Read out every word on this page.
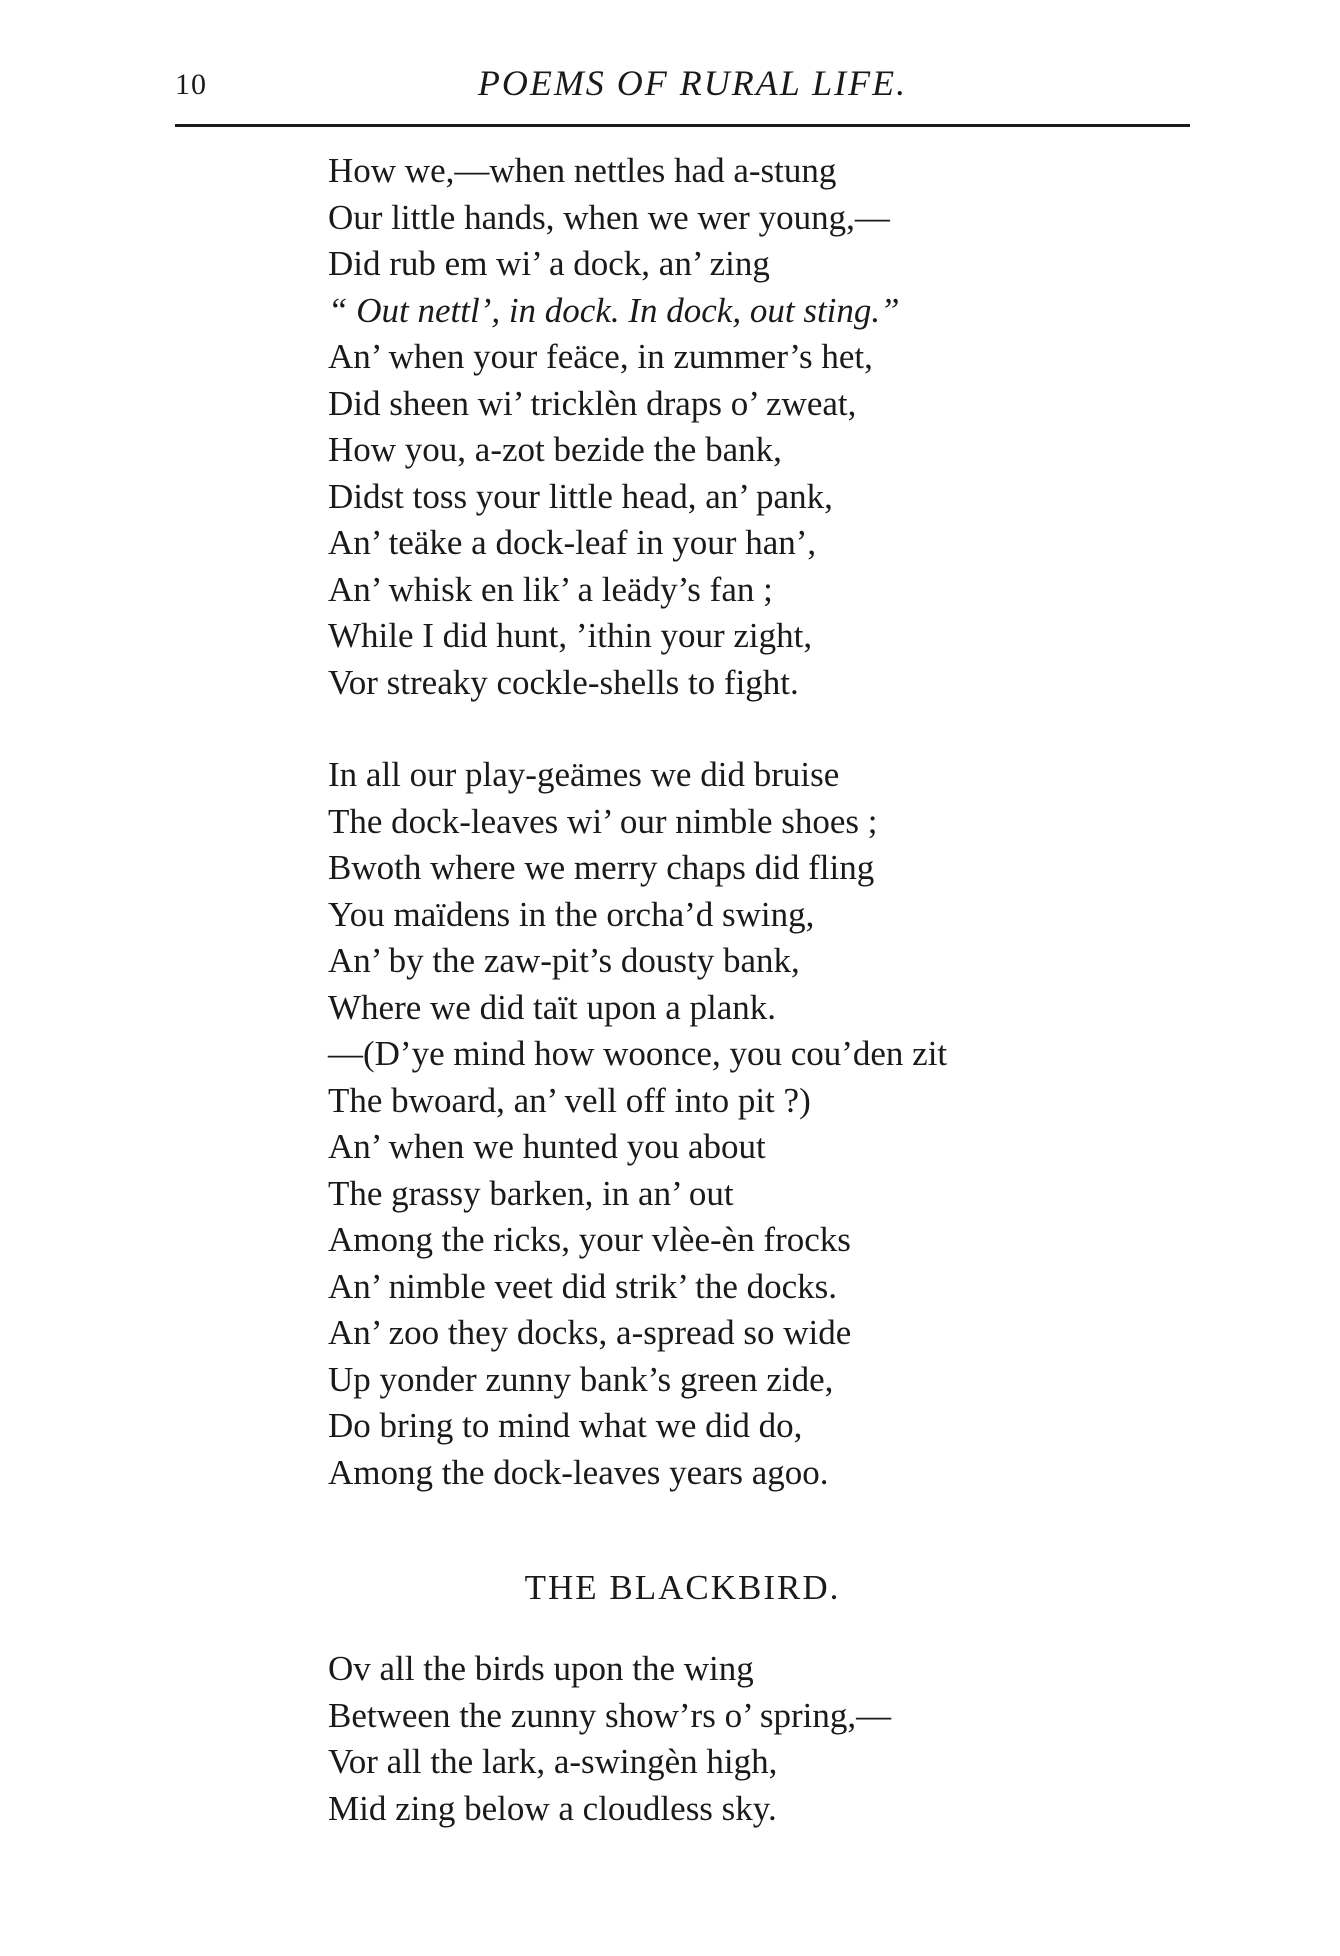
10	POEMS OF RURAL LIFE.
How we,—when nettles had a-stung
Our little hands, when we wer young,—
Did rub em wi’ a dock, an’ zing
“ Out nettl’, in dock. In dock, out sting.”
An’ when your feäce, in zummer’s het,
Did sheen wi’ tricklèn draps o’ zweat,
How you, a-zot bezide the bank,
Didst toss your little head, an’ pank,
An’ teäke a dock-leaf in your han’,
An’ whisk en lik’ a leädy’s fan ;
While I did hunt, ’ithin your zight,
Vor streaky cockle-shells to fight.
In all our play-geämes we did bruise
The dock-leaves wi’ our nimble shoes ;
Bwoth where we merry chaps did fling
You maïdens in the orcha’d swing,
An’ by the zaw-pit’s dousty bank,
Where we did taït upon a plank.
—(D’ye mind how woonce, you cou’den zit
The bwoard, an’ vell off into pit ?)
An’ when we hunted you about
The grassy barken, in an’ out
Among the ricks, your vlèe-èn frocks
An’ nimble veet did strik’ the docks.
An’ zoo they docks, a-spread so wide
Up yonder zunny bank’s green zide,
Do bring to mind what we did do,
Among the dock-leaves years agoo.
THE BLACKBIRD.
Ov all the birds upon the wing
Between the zunny show’rs o’ spring,—
Vor all the lark, a-swingèn high,
Mid zing below a cloudless sky.
